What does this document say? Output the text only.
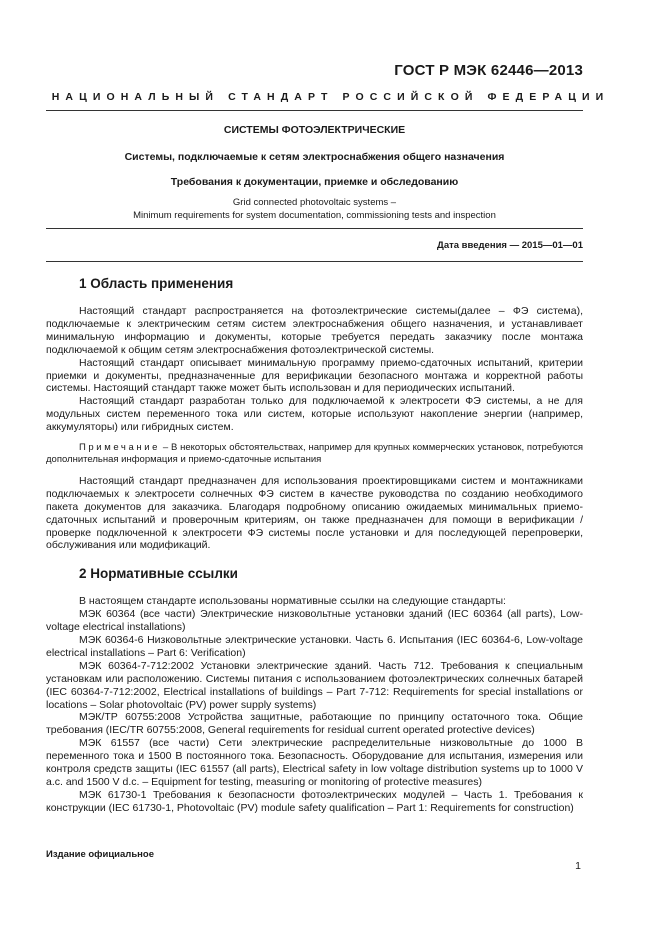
ГОСТ Р МЭК 62446—2013
НАЦИОНАЛЬНЫЙ СТАНДАРТ РОССИЙСКОЙ ФЕДЕРАЦИИ
СИСТЕМЫ ФОТОЭЛЕКТРИЧЕСКИЕ
Системы, подключаемые к сетям электроснабжения общего назначения
Требования к документации, приемке и обследованию
Grid connected photovoltaic systems –
Minimum requirements for system documentation, commissioning tests and inspection
Дата введения — 2015—01—01
1 Область применения

Настоящий стандарт распространяется на фотоэлектрические системы(далее – ФЭ система), подключаемые к электрическим сетям систем электроснабжения общего назначения, и устанавливает минимальную информацию и документы, которые требуется передать заказчику после монтажа подключаемой к общим сетям электроснабжения фотоэлектрической системы.

Настоящий стандарт описывает минимальную программу приемо-сдаточных испытаний, критерии приемки и документы, предназначенные для верификации безопасного монтажа и корректной работы системы. Настоящий стандарт также может быть использован и для периодических испытаний.

Настоящий стандарт разработан только для подключаемой к электросети ФЭ системы, а не для модульных систем переменного тока или систем, которые используют накопление энергии (например, аккумуляторы) или гибридных систем.

Примечание – В некоторых обстоятельствах, например для крупных коммерческих установок, потребуются дополнительная информация и приемо-сдаточные испытания

Настоящий стандарт предназначен для использования проектировщиками систем и монтажниками подключаемых к электросети солнечных ФЭ систем в качестве руководства по созданию необходимого пакета документов для заказчика. Благодаря подробному описанию ожидаемых минимальных приемо-сдаточных испытаний и проверочным критериям, он также предназначен для помощи в верификации / проверке подключенной к электросети ФЭ системы после установки и для последующей перепроверки, обслуживания или модификаций.

2 Нормативные ссылки

В настоящем стандарте использованы нормативные ссылки на следующие стандарты:

МЭК 60364 (все части) Электрические низковольтные установки зданий (IEC 60364 (all parts), Low-voltage electrical installations)

МЭК 60364-6 Низковольтные электрические установки. Часть 6. Испытания (IEC 60364-6, Low-voltage electrical installations – Part 6: Verification)

МЭК 60364-7-712:2002 Установки электрические зданий. Часть 712. Требования к специальным установкам или расположению. Системы питания с использованием фотоэлектрических солнечных батарей (IEC 60364-7-712:2002, Electrical installations of buildings – Part 7-712: Requirements for special installations or locations – Solar photovoltaic (PV) power supply systems)

МЭК/ТР 60755:2008 Устройства защитные, работающие по принципу остаточного тока. Общие требования (IEC/TR 60755:2008, General requirements for residual current operated protective devices)

МЭК 61557 (все части) Сети электрические распределительные низковольтные до 1000 В переменного тока и 1500 В постоянного тока. Безопасность. Оборудование для испытания, измерения или контроля средств защиты (IEC 61557 (all parts), Electrical safety in low voltage distribution systems up to 1000 V a.c. and 1500 V d.c. – Equipment for testing, measuring or monitoring of protective measures)

МЭК 61730-1 Требования к безопасности фотоэлектрических модулей – Часть 1. Требования к конструкции (IEC 61730-1, Photovoltaic (PV) module safety qualification – Part 1: Requirements for construction)

Издание официальное
1
